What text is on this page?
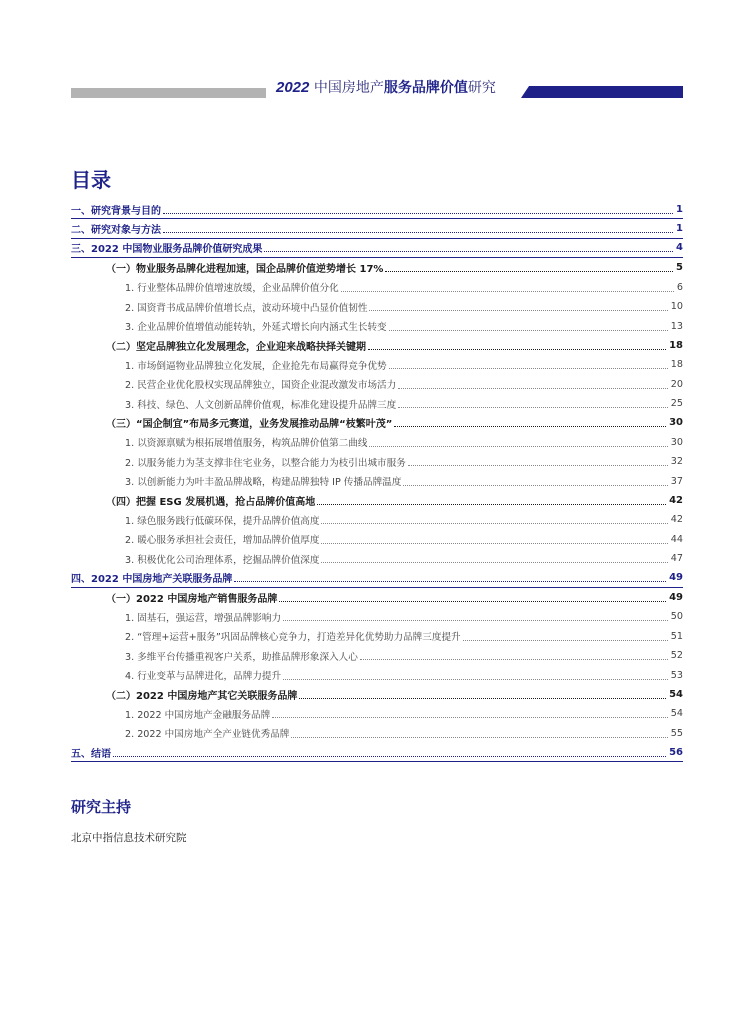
2022 中国房地产服务品牌价值研究
目录
一、研究背景与目的	1
二、研究对象与方法	1
三、2022 中国物业服务品牌价值研究成果	4
（一）物业服务品牌化进程加速，国企品牌价值逆势增长 17%	5
1. 行业整体品牌价值增速放缓，企业品牌价值分化	6
2. 国资背书成品牌价值增长点，波动环境中凸显价值韧性	10
3. 企业品牌价值增值动能转轨，外延式增长向内涵式生长转变	13
（二）坚定品牌独立化发展理念，企业迎来战略抉择关键期	18
1. 市场倒逼物业品牌独立化发展，企业抢先布局赢得竞争优势	18
2. 民营企业优化股权实现品牌独立，国资企业混改激发市场活力	20
3. 科技、绿色、人文创新品牌价值观，标准化建设提升品牌三度	25
（三）“国企制宜”布局多元赛道，业务发展推动品牌“枝繁叶茂”	30
1. 以资源禀赋为根拓展增值服务，构筑品牌价值第二曲线	30
2. 以服务能力为茎支撑非住宅业务，以整合能力为枝引出城市服务	32
3. 以创新能力为叶丰盈品牌战略，构建品牌独特 IP 传播品牌温度	37
（四）把握 ESG 发展机遇，抢占品牌价值高地	42
1. 绿色服务践行低碳环保，提升品牌价值高度	42
2. 暖心服务承担社会责任，增加品牌价值厚度	44
3. 积极优化公司治理体系，挖掘品牌价值深度	47
四、2022 中国房地产关联服务品牌	49
（一）2022 中国房地产销售服务品牌	49
1. 固基石，强运营，增强品牌影响力	50
2. “管理+运营+服务”巩固品牌核心竞争力，打造差异化优势助力品牌三度提升	51
3. 多维平台传播重视客户关系，助推品牌形象深入人心	52
4. 行业变革与品牌进化，品牌力提升	53
（二）2022 中国房地产其它关联服务品牌	54
1. 2022 中国房地产金融服务品牌	54
2. 2022 中国房地产全产业链优秀品牌	55
五、结语	56
研究主持
北京中指信息技术研究院
